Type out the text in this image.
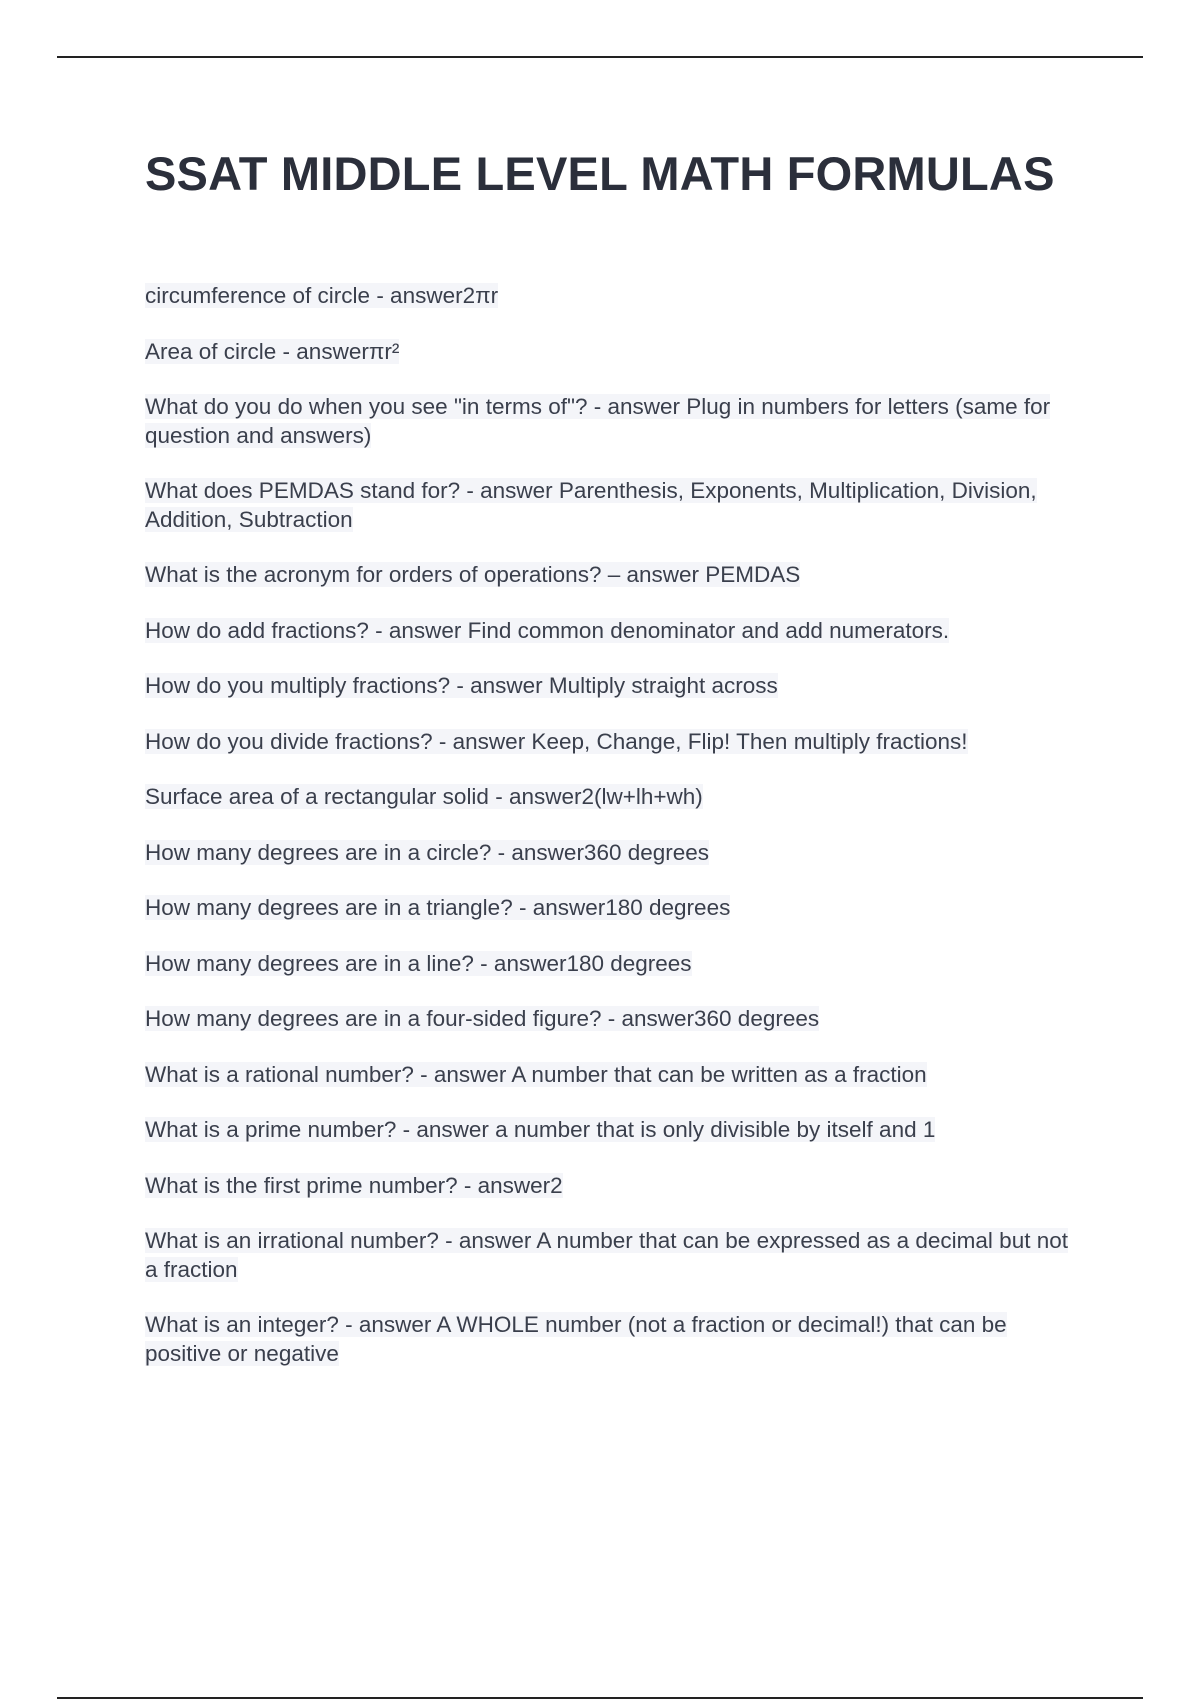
SSAT MIDDLE LEVEL MATH FORMULAS
circumference of circle - answer2πr
Area of circle - answerπr²
What do you do when you see "in terms of"? - answer Plug in numbers for letters (same for question and answers)
What does PEMDAS stand for? - answer Parenthesis, Exponents, Multiplication, Division, Addition, Subtraction
What is the acronym for orders of operations? – answer PEMDAS
How do add fractions? - answer Find common denominator and add numerators.
How do you multiply fractions? - answer Multiply straight across
How do you divide fractions? - answer Keep, Change, Flip! Then multiply fractions!
Surface area of a rectangular solid - answer2(lw+lh+wh)
How many degrees are in a circle? - answer360 degrees
How many degrees are in a triangle? - answer180 degrees
How many degrees are in a line? - answer180 degrees
How many degrees are in a four-sided figure? - answer360 degrees
What is a rational number? - answer A number that can be written as a fraction
What is a prime number? - answer a number that is only divisible by itself and 1
What is the first prime number? - answer2
What is an irrational number? - answer A number that can be expressed as a decimal but not a fraction
What is an integer? - answer A WHOLE number (not a fraction or decimal!) that can be positive or negative
